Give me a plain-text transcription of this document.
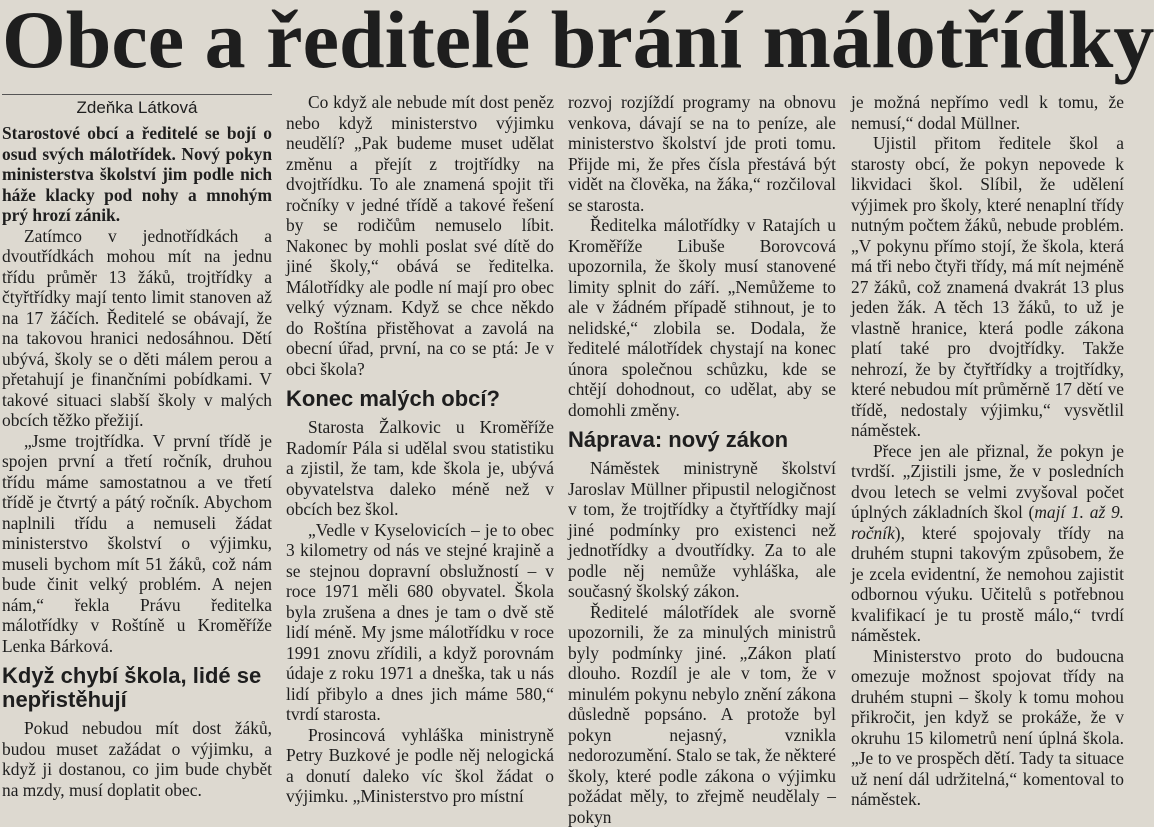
Obce a ředitelé brání málotřídky
Zdeňka Látková

Starostové obcí a ředitelé se bojí o osud svých málotřídek. Nový pokyn ministerstva školství jim podle nich háže klacky pod nohy a mnohým prý hrozí zánik.

Zatímco v jednotřídkách a dvoutřídkách mohou mít na jednu třídu průměr 13 žáků, trojtřídky a čtyřtřídky mají tento limit stanoven až na 17 žáčích. Ředitelé se obávají, že na takovou hranici nedosáhnou. Dětí ubývá, školy se o děti málem perou a přetahují je finančními pobídkami. V takové situaci slabší školy v malých obcích těžko přežijí.

„Jsme trojtřídka. V první třídě je spojen první a třetí ročník, druhou třídu máme samostatnou a ve třetí třídě je čtvrtý a pátý ročník. Abychom naplnili třídu a nemuseli žádat ministerstvo školství o výjimku, museli bychom mít 51 žáků, což nám bude činit velký problém. A nejen nám,“ řekla Právu ředitelka málotřídky v Roštíně u Kroměříže Lenka Bárková.

Když chybí škola, lidé se nepřistěhují

Pokud nebudou mít dost žáků, budou muset zažádat o výjimku, a když ji dostanou, co jim bude chybět na mzdy, musí doplatit obec.

Co když ale nebude mít dost peněz nebo když ministerstvo výjimku neudělí? „Pak budeme muset udělat změnu a přejít z trojtřídky na dvojtřídku. To ale znamená spojit tři ročníky v jedné třídě a takové řešení by se rodičům nemuselo líbit. Nakonec by mohli poslat své dítě do jiné školy,“ obává se ředitelka. Málotřídky ale podle ní mají pro obec velký význam. Když se chce někdo do Roštína přistěhovat a zavolá na obecní úřad, první, na co se ptá: Je v obci škola?

Konec malých obcí?

Starosta Žalkovic u Kroměříže Radomír Pála si udělal svou statistiku a zjistil, že tam, kde škola je, ubývá obyvatelstva daleko méně než v obcích bez škol.

„Vedle v Kyselovicích – je to obec 3 kilometry od nás ve stejné krajině a se stejnou dopravní obslužností – v roce 1971 měli 680 obyvatel. Škola byla zrušena a dnes je tam o dvě stě lidí méně. My jsme málotřídku v roce 1991 znovu zřídili, a když porovnám údaje z roku 1971 a dneška, tak u nás lidí přibylo a dnes jich máme 580,“ tvrdí starosta.

Prosincová vyhláška ministryně Petry Buzkové je podle něj nelogická a donutí daleko víc škol žádat o výjimku. „Ministerstvo pro místní

rozvoj rozjíždí programy na obnovu venkova, dávají se na to peníze, ale ministerstvo školství jde proti tomu. Přijde mi, že přes čísla přestává být vidět na člověka, na žáka,“ rozčiloval se starosta.

Ředitelka málotřídky v Ratajích u Kroměříže Libuše Borovcová upozornila, že školy musí stanovené limity splnit do září. „Nemůžeme to ale v žádném případě stihnout, je to nelidské,“ zlobila se. Dodala, že ředitelé málotřídek chystají na konec února společnou schůzku, kde se chtějí dohodnout, co udělat, aby se domohli změny.

Náprava: nový zákon

Náměstek ministryně školství Jaroslav Müllner připustil nelogičnost v tom, že trojtřídky a čtyřtřídky mají jiné podmínky pro existenci než jednotřídky a dvoutřídky. Za to ale podle něj nemůže vyhláška, ale současný školský zákon.

Ředitelé málotřídek ale svorně upozornili, že za minulých ministrů byly podmínky jiné. „Zákon platí dlouho. Rozdíl je ale v tom, že v minulém pokynu nebylo znění zákona důsledně popsáno. A protože byl pokyn nejasný, vznikla nedorozumění. Stalo se tak, že některé školy, které podle zákona o výjimku požádat měly, to zřejmě neudělaly – pokyn

je možná nepřímo vedl k tomu, že nemusí,“ dodal Müllner.

Ujistil přitom ředitele škol a starosty obcí, že pokyn nepovede k likvidaci škol. Slíbil, že udělení výjimek pro školy, které nenaplní třídy nutným počtem žáků, nebude problém. „V pokynu přímo stojí, že škola, která má tři nebo čtyři třídy, má mít nejméně 27 žáků, což znamená dvakrát 13 plus jeden žák. A těch 13 žáků, to už je vlastně hranice, která podle zákona platí také pro dvojtřídky. Takže nehrozí, že by čtyřtřídky a trojtřídky, které nebudou mít průměrně 17 dětí ve třídě, nedostaly výjimku,“ vysvětlil náměstek.

Přece jen ale přiznal, že pokyn je tvrdší. „Zjistili jsme, že v posledních dvou letech se velmi zvyšoval počet úplných základních škol (mají 1. až 9. ročník), které spojovaly třídy na druhém stupni takovým způsobem, že je zcela evidentní, že nemohou zajistit odbornou výuku. Učitelů s potřebnou kvalifikací je tu prostě málo,“ tvrdí náměstek.

Ministerstvo proto do budoucna omezuje možnost spojovat třídy na druhém stupni – školy k tomu mohou přikročit, jen když se prokáže, že v okruhu 15 kilometrů není úplná škola. „Je to ve prospěch dětí. Tady ta situace už není dál udržitelná,“ komentoval to náměstek.
